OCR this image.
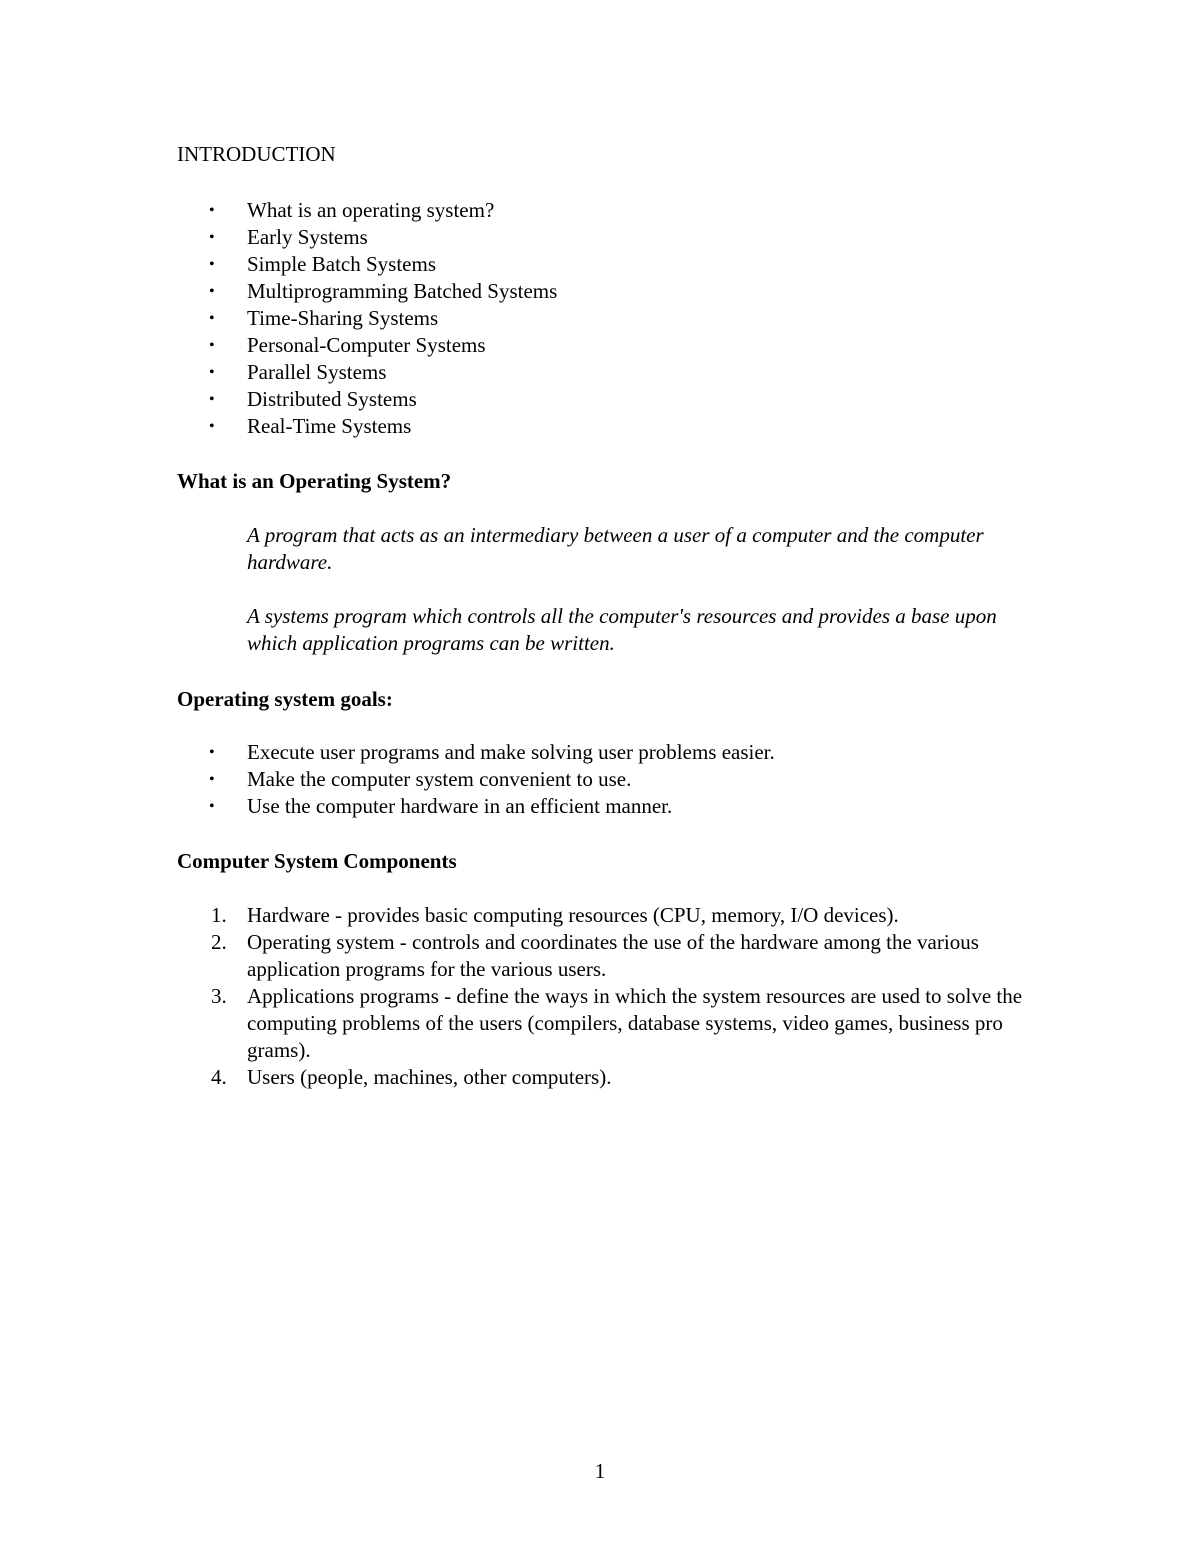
INTRODUCTION
•	What is an operating system?
•	Early Systems
•	Simple Batch Systems
•	Multiprogramming Batched Systems
•	Time-Sharing Systems
•	Personal-Computer Systems
•	Parallel Systems
•	Distributed Systems
•	Real-Time Systems
What is an Operating System?

A program that acts as an intermediary between a user of a computer and the computer hardware.

A systems program which controls all the computer's resources and provides a base upon which application programs can be written.

Operating system goals:
•	Execute user programs and make solving user problems easier.
•	Make the computer system convenient to use.
•	Use the computer hardware in an efficient manner.
Computer System Components
1. Hardware - provides basic computing resources (CPU, memory, I/O devices).
2. Operating system - controls and coordinates the use of the hardware among the various application programs for the various users.
3. Applications programs - define the ways in which the system resources are used to solve the computing problems of the users (compilers, database systems, video games, business pro grams).
4. Users (people, machines, other computers).
1
